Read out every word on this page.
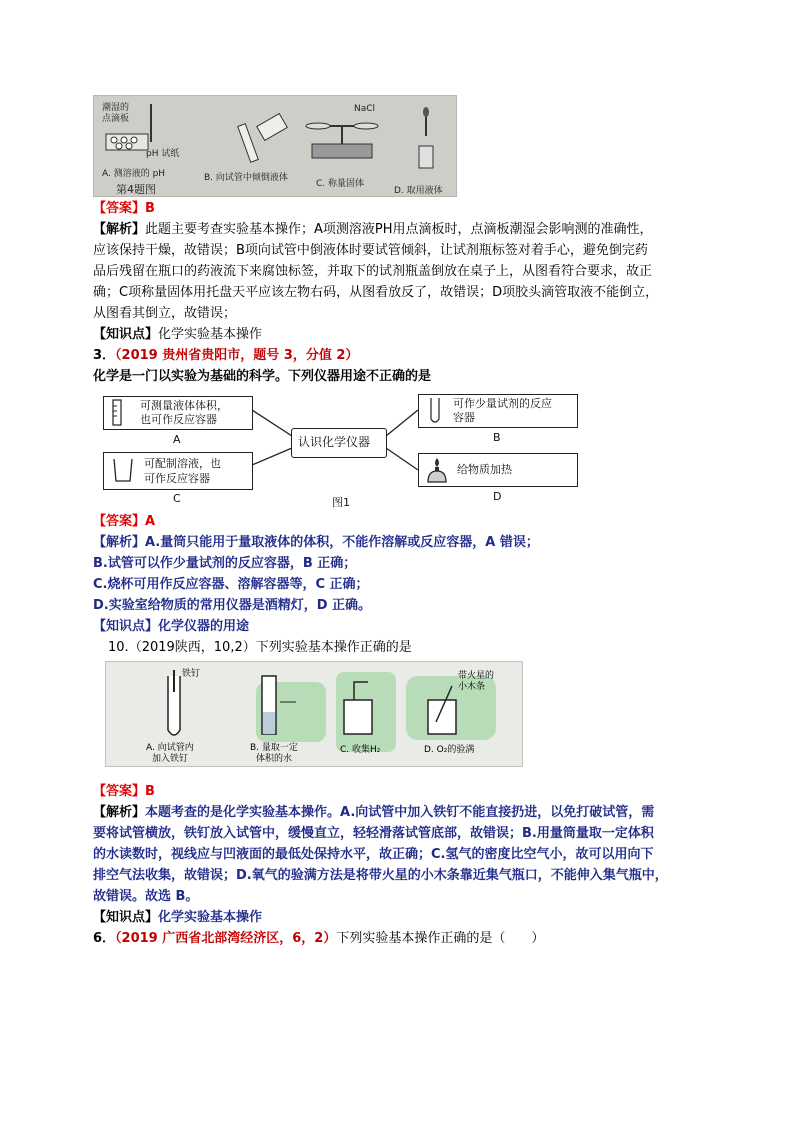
潮湿的
点滴板
pH 试纸
NaCl
A. 测溶液的 pH	B. 向试管中倾倒液体
C. 称量固体
D. 取用液体
第4题图
【答案】B
【解析】此题主要考查实验基本操作；A项测溶液PH用点滴板时，点滴板潮湿会影响测的准确性，
应该保持干燥，故错误；B项向试管中倒液体时要试管倾斜，让试剂瓶标签对着手心，避免倒完药
品后残留在瓶口的药液流下来腐蚀标签，并取下的试剂瓶盖倒放在桌子上，从图看符合要求，故正
确；C项称量固体用托盘天平应该左物右码，从图看放反了，故错误；D项胶头滴管取液不能倒立，
从图看其倒立，故错误；
【知识点】化学实验基本操作
3．（2019 贵州省贵阳市，题号 3，分值 2）
化学是一门以实验为基础的科学。下列仪器用途不正确的是
可测量液体体积，
也可作反应容器
A
可配制溶液，也
可作反应容器
C
认识化学仪器
可作少量试剂的反应
容器
B
给物质加热
D
图1
【答案】A
【解析】A.量筒只能用于量取液体的体积，不能作溶解或反应容器，A 错误；
B.试管可以作少量试剂的反应容器，B 正确；
C.烧杯可用作反应容器、溶解容器等，C 正确；
D.实验室给物质的常用仪器是酒精灯，D 正确。
【知识点】化学仪器的用途
10.（2019陕西，10,2）下列实验基本操作正确的是
铁钉	带火星的
小木条
A. 向试管内
加入铁钉
B. 量取一定
体积的水
C. 收集H₂	D. O₂的验满
【答案】B
【解析】本题考查的是化学实验基本操作。A.向试管中加入铁钉不能直接扔进，以免打破试管，需
要将试管横放，铁钉放入试管中，缓慢直立，轻轻滑落试管底部，故错误；B.用量筒量取一定体积
的水读数时，视线应与凹液面的最低处保持水平，故正确；C.氢气的密度比空气小，故可以用向下
排空气法收集，故错误；D.氧气的验满方法是将带火星的小木条靠近集气瓶口，不能伸入集气瓶中，
故错误。故选 B。
【知识点】化学实验基本操作
6．（2019 广西省北部湾经济区，6，2）下列实验基本操作正确的是（　　）
